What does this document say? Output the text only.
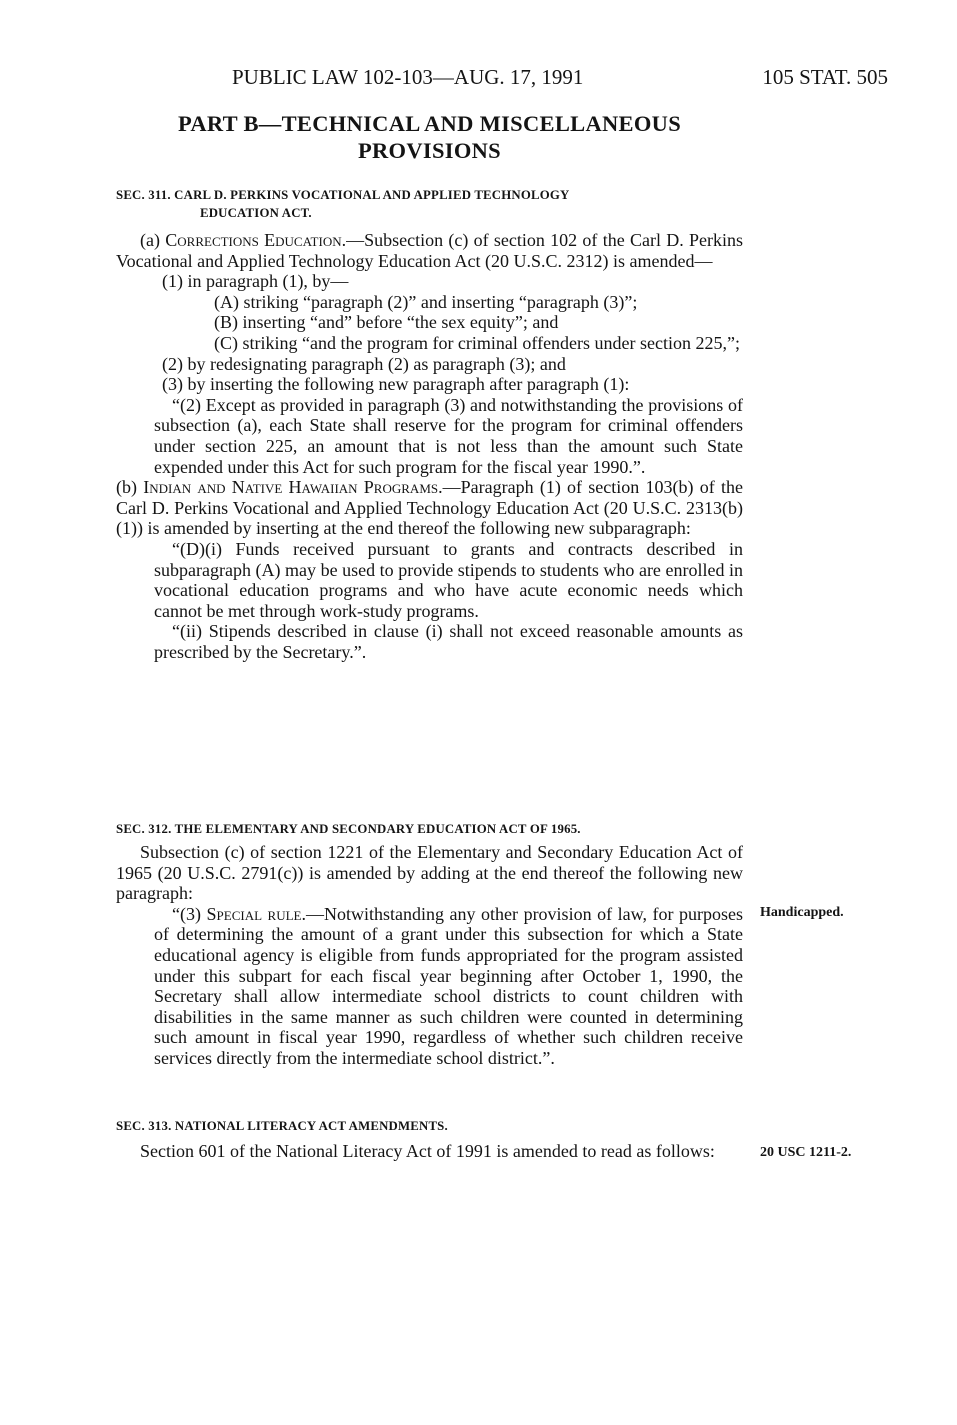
PUBLIC LAW 102-103—AUG. 17, 1991	105 STAT. 505
PART B—TECHNICAL AND MISCELLANEOUS
PROVISIONS
SEC. 311. CARL D. PERKINS VOCATIONAL AND APPLIED TECHNOLOGY
EDUCATION ACT.

(a) Corrections Education.—Subsection (c) of section 102 of the Carl D. Perkins Vocational and Applied Technology Education Act (20 U.S.C. 2312) is amended—

(1) in paragraph (1), by—

(A) striking “paragraph (2)” and inserting “paragraph (3)”;

(B) inserting “and” before “the sex equity”; and

(C) striking “and the program for criminal offenders under section 225,”;

(2) by redesignating paragraph (2) as paragraph (3); and

(3) by inserting the following new paragraph after paragraph (1):

“(2) Except as provided in paragraph (3) and notwithstanding the provisions of subsection (a), each State shall reserve for the program for criminal offenders under section 225, an amount that is not less than the amount such State expended under this Act for such program for the fiscal year 1990.”.

(b) Indian and Native Hawaiian Programs.—Paragraph (1) of section 103(b) of the Carl D. Perkins Vocational and Applied Technology Education Act (20 U.S.C. 2313(b)(1)) is amended by inserting at the end thereof the following new subparagraph:

“(D)(i) Funds received pursuant to grants and contracts described in subparagraph (A) may be used to provide stipends to students who are enrolled in vocational education programs and who have acute economic needs which cannot be met through work-study programs.

“(ii) Stipends described in clause (i) shall not exceed reasonable amounts as prescribed by the Secretary.”.

SEC. 312. THE ELEMENTARY AND SECONDARY EDUCATION ACT OF 1965.

Subsection (c) of section 1221 of the Elementary and Secondary Education Act of 1965 (20 U.S.C. 2791(c)) is amended by adding at the end thereof the following new paragraph:

“(3) Special rule.—Notwithstanding any other provision of law, for purposes of determining the amount of a grant under this subsection for which a State educational agency is eligible from funds appropriated for the program assisted under this subpart for each fiscal year beginning after October 1, 1990, the Secretary shall allow intermediate school districts to count children with disabilities in the same manner as such children were counted in determining such amount in fiscal year 1990, regardless of whether such children receive services directly from the intermediate school district.”.

Handicapped.
SEC. 313. NATIONAL LITERACY ACT AMENDMENTS.

Section 601 of the National Literacy Act of 1991 is amended to read as follows:	20 USC 1211-2.
